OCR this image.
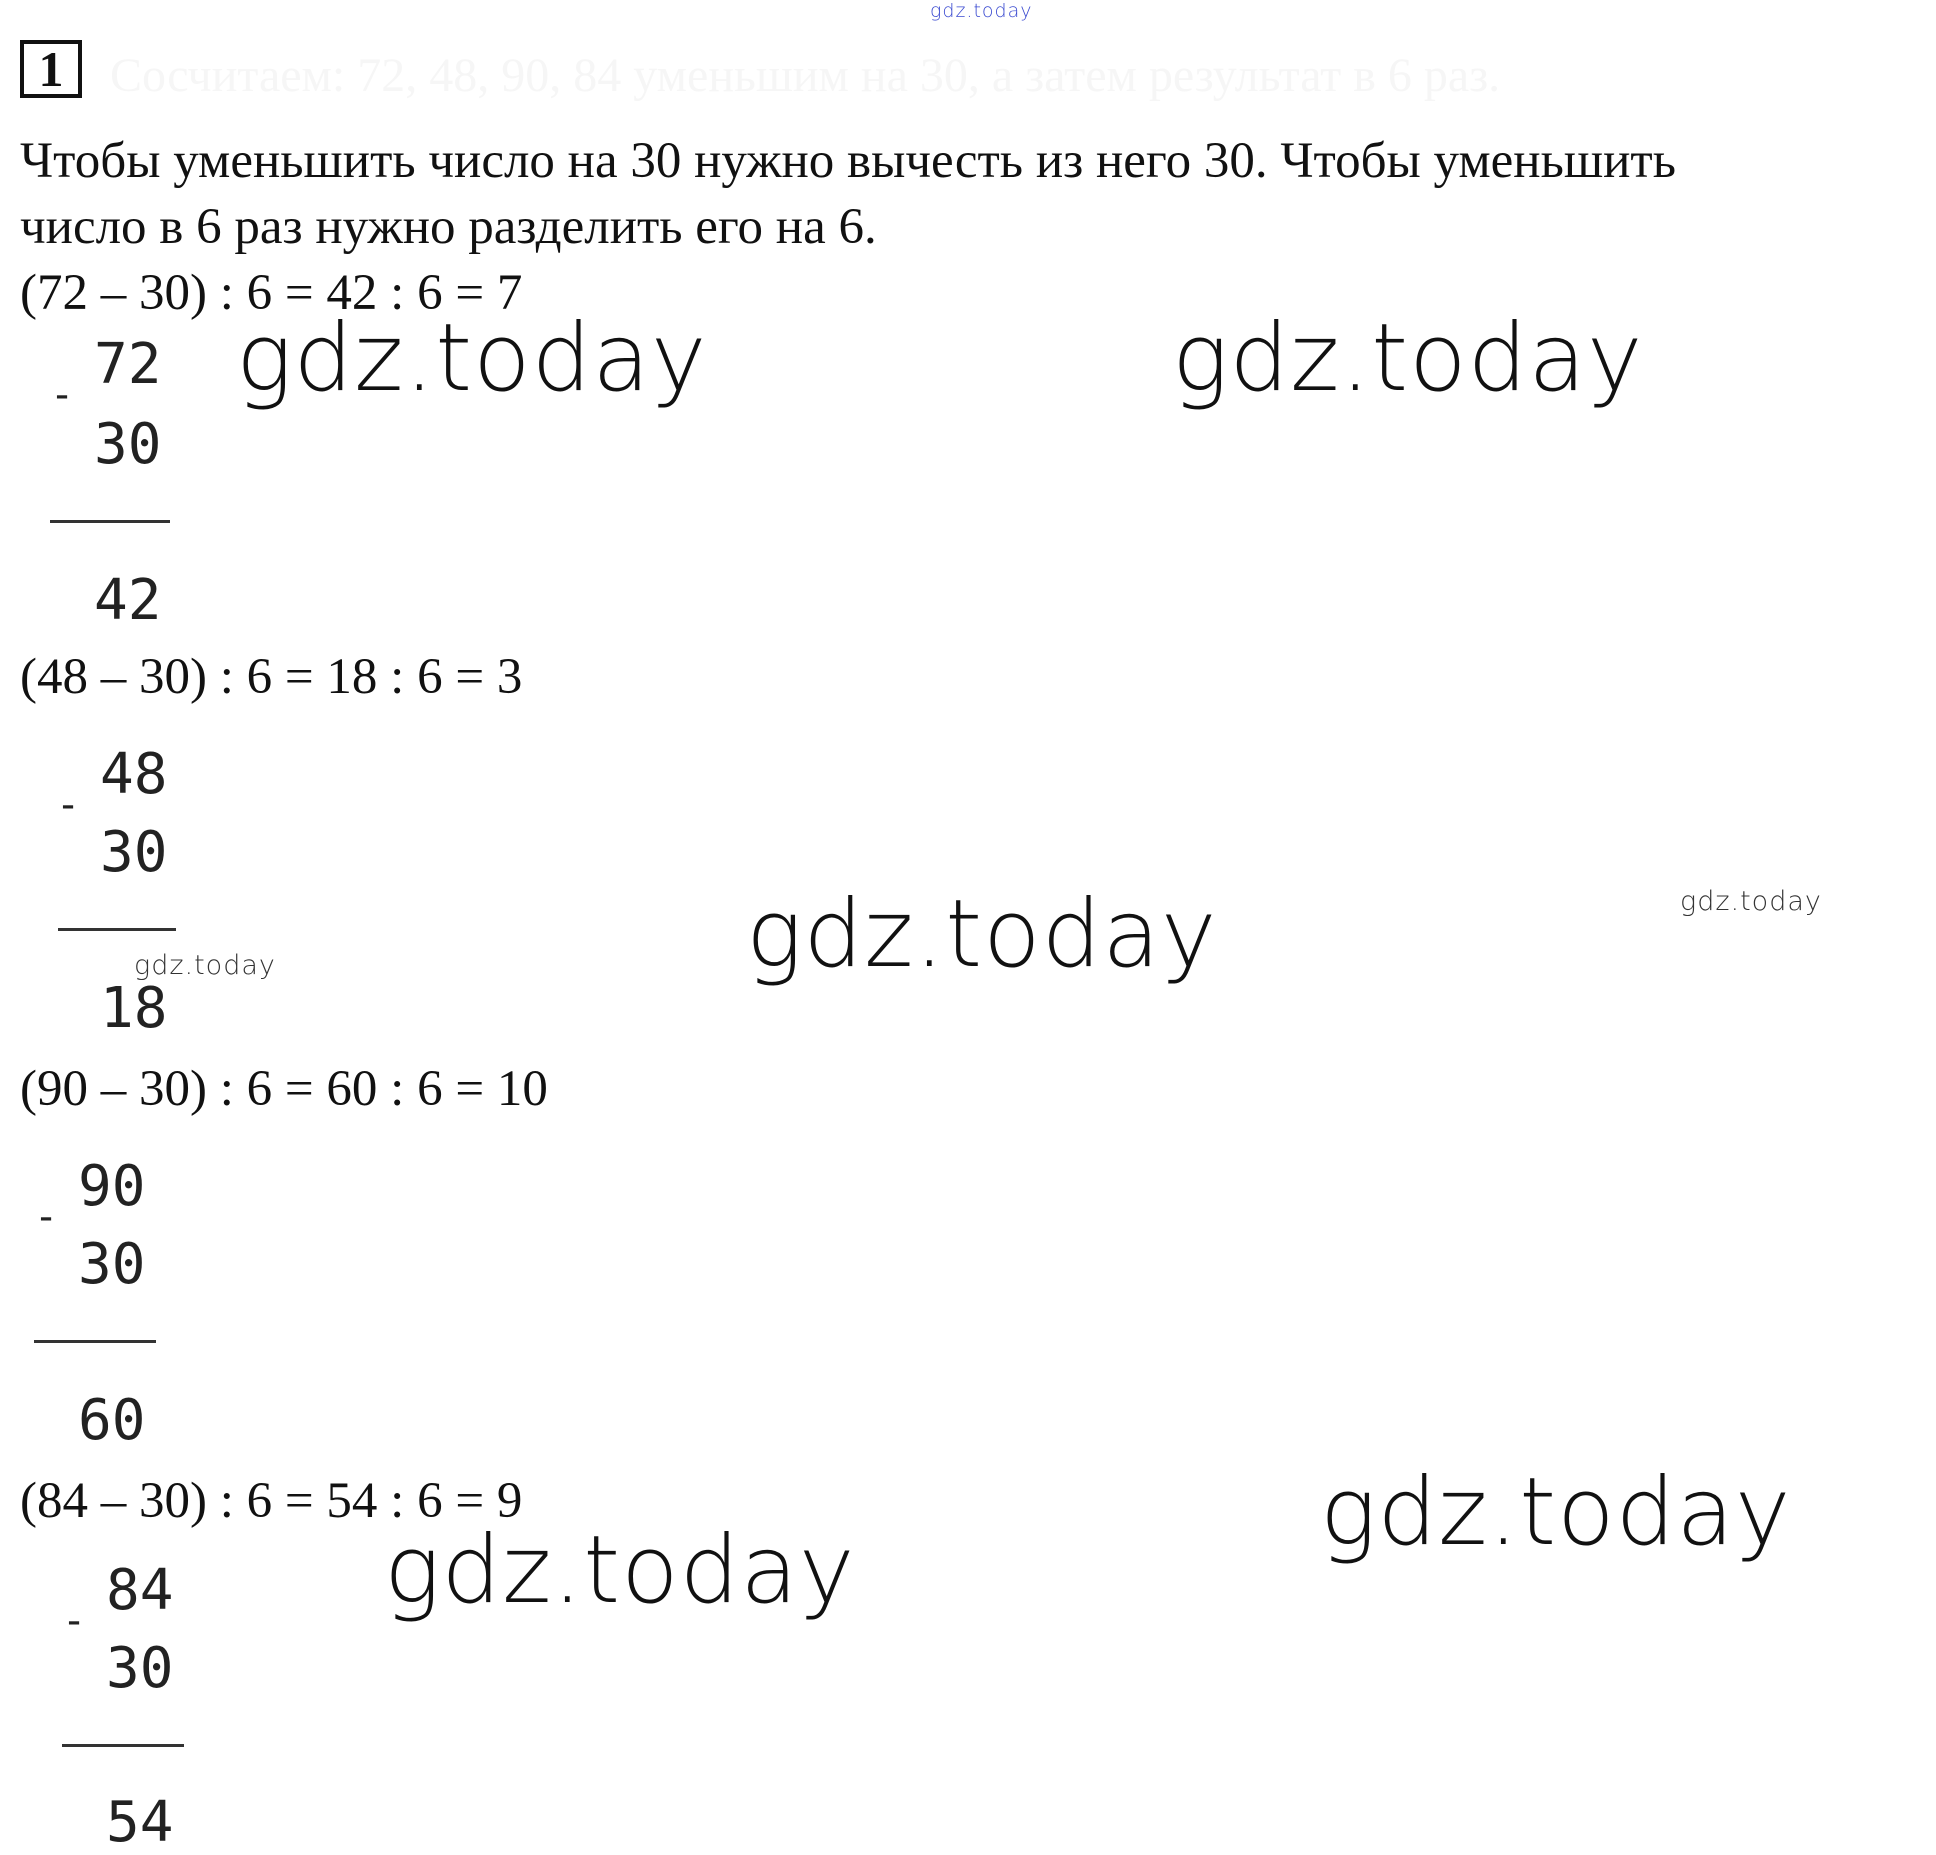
gdz.today
1 Сосчитаем: 72, 48, 90, 84 уменьшим на 30, а затем результат в 6 раз.
Чтобы уменьшить число на 30 нужно вычесть из него 30. Чтобы уменьшить
число в 6 раз нужно разделить его на 6.
(72 – 30) : 6 = 42 : 6 = 7
- 72
30
42
(48 – 30) : 6 = 18 : 6 = 3
- 48
30
18
(90 – 30) : 6 = 60 : 6 = 10
- 90
30
60
(84 – 30) : 6 = 54 : 6 = 9
- 84
30
54
gdz.today	gdz.today
gdz.today
gdz.today
gdz.today
gdz.today
gdz.today
